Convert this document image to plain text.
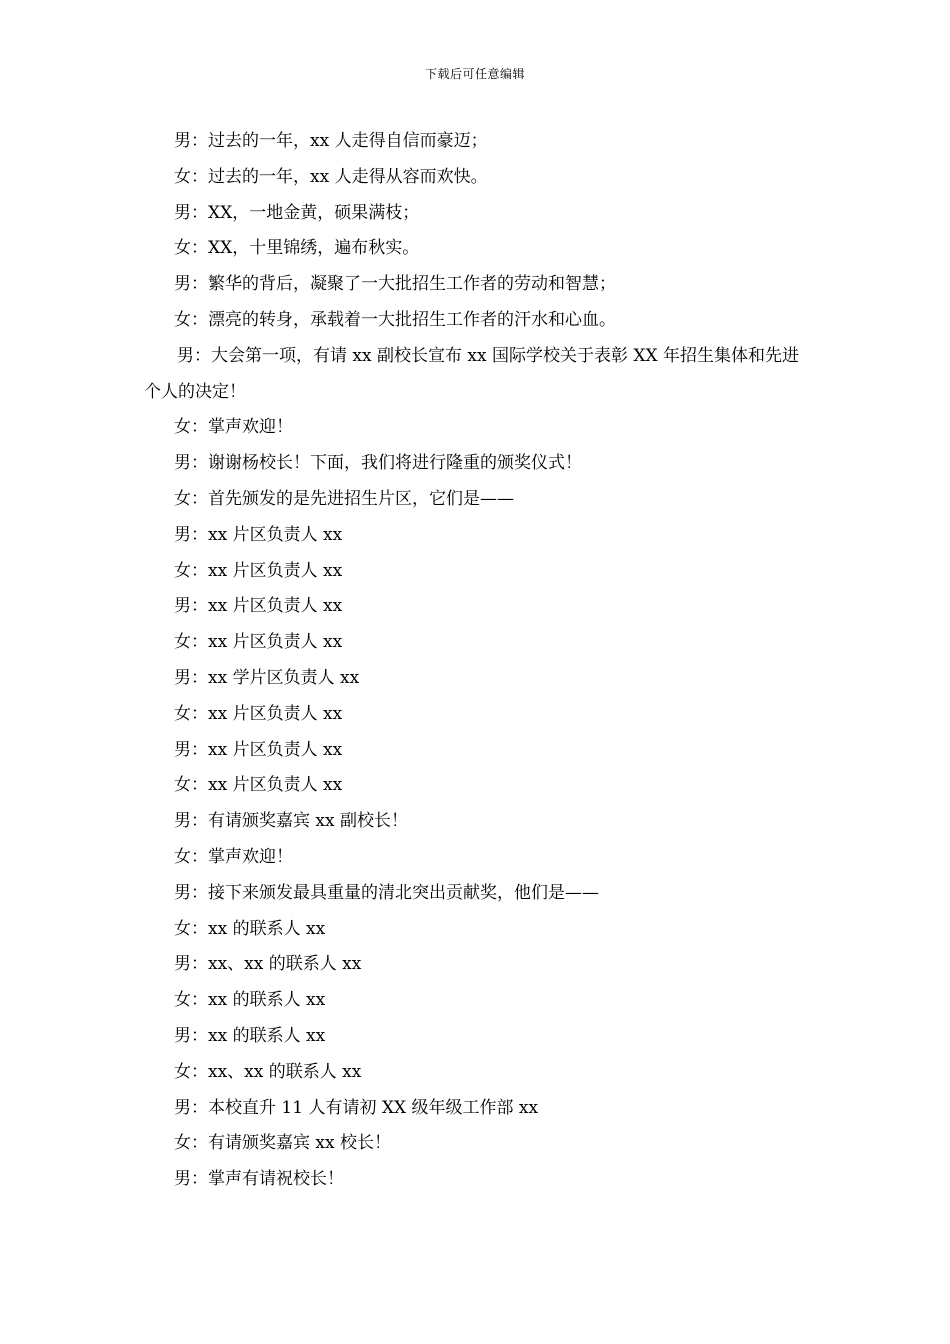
下载后可任意编辑
男：过去的一年，xx 人走得自信而豪迈；
女：过去的一年，xx 人走得从容而欢快。
男：XX，一地金黄，硕果满枝；
女：XX，十里锦绣，遍布秋实。
男：繁华的背后，凝聚了一大批招生工作者的劳动和智慧；
女：漂亮的转身，承载着一大批招生工作者的汗水和心血。
男：大会第一项，有请 xx 副校长宣布 xx 国际学校关于表彰 XX 年招生集体和先进个人的决定！
女：掌声欢迎！
男：谢谢杨校长！下面，我们将进行隆重的颁奖仪式！
女：首先颁发的是先进招生片区，它们是——
男：xx 片区负责人 xx
女：xx 片区负责人 xx
男：xx 片区负责人 xx
女：xx 片区负责人 xx
男：xx 学片区负责人 xx
女：xx 片区负责人 xx
男：xx 片区负责人 xx
女：xx 片区负责人 xx
男：有请颁奖嘉宾 xx 副校长！
女：掌声欢迎！
男：接下来颁发最具重量的清北突出贡献奖，他们是——
女：xx 的联系人 xx
男：xx、xx 的联系人 xx
女：xx 的联系人 xx
男：xx 的联系人 xx
女：xx、xx 的联系人 xx
男：本校直升 11 人有请初 XX 级年级工作部 xx
女：有请颁奖嘉宾 xx 校长！
男：掌声有请祝校长！
